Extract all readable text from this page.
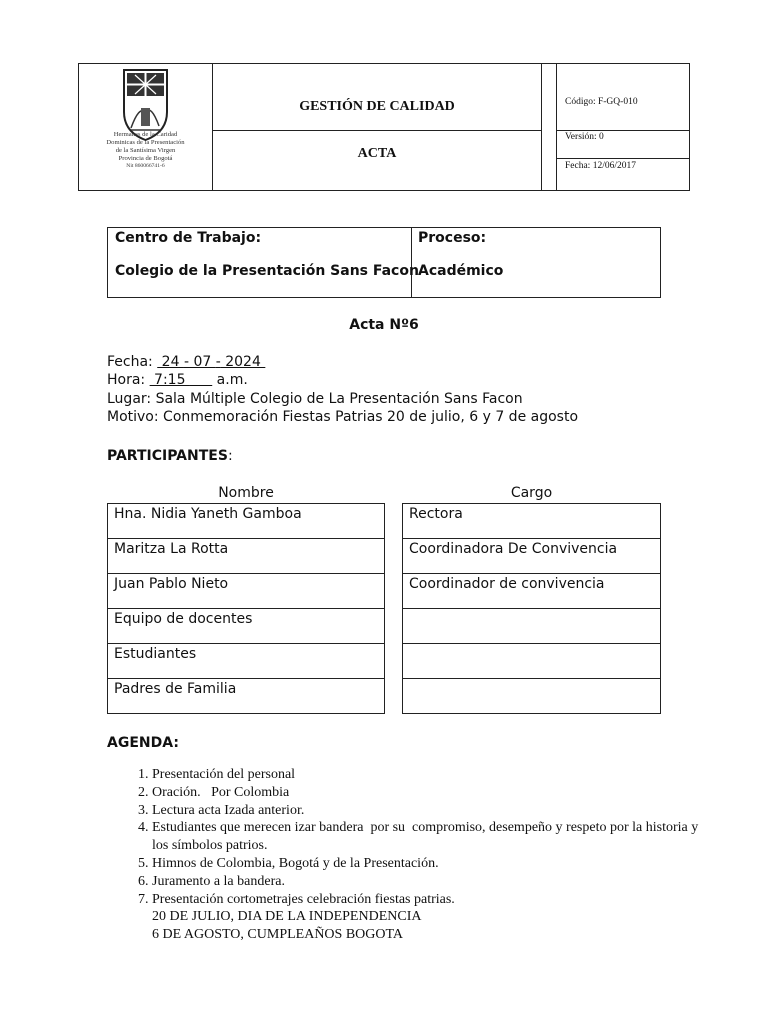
Hermanas de la Caridad
Dominicas de la Presentación
de la Santísima Virgen
Provincia de Bogotá
Nit 860066741-6
GESTIÓN DE CALIDAD
ACTA
Código: F-GQ-010
Versión: 0
Fecha: 12/06/2017
Centro de Trabajo:
Colegio de la Presentación Sans Facon
Proceso:
Académico
Acta Nº6
Fecha:  24 - 07 - 2024
Hora:  7:15       a.m.
Lugar: Sala Múltiple Colegio de La Presentación Sans Facon
Motivo: Conmemoración Fiestas Patrias 20 de julio, 6 y 7 de agosto
PARTICIPANTES:
Nombre	Cargo
Hna. Nidia Yaneth Gamboa
Maritza La Rotta
Juan Pablo Nieto
Equipo de docentes
Estudiantes
Padres de Familia
Rectora
Coordinadora De Convivencia
Coordinador de convivencia
AGENDA:
1. Presentación del personal
2. Oración.   Por Colombia
3. Lectura acta Izada anterior.
4. Estudiantes que merecen izar bandera  por su  compromiso, desempeño y respeto por la historia y los símbolos patrios.
5. Himnos de Colombia, Bogotá y de la Presentación.
6. Juramento a la bandera.
7. Presentación cortometrajes celebración fiestas patrias.
20 DE JULIO, DIA DE LA INDEPENDENCIA
6 DE AGOSTO, CUMPLEAÑOS BOGOTA
